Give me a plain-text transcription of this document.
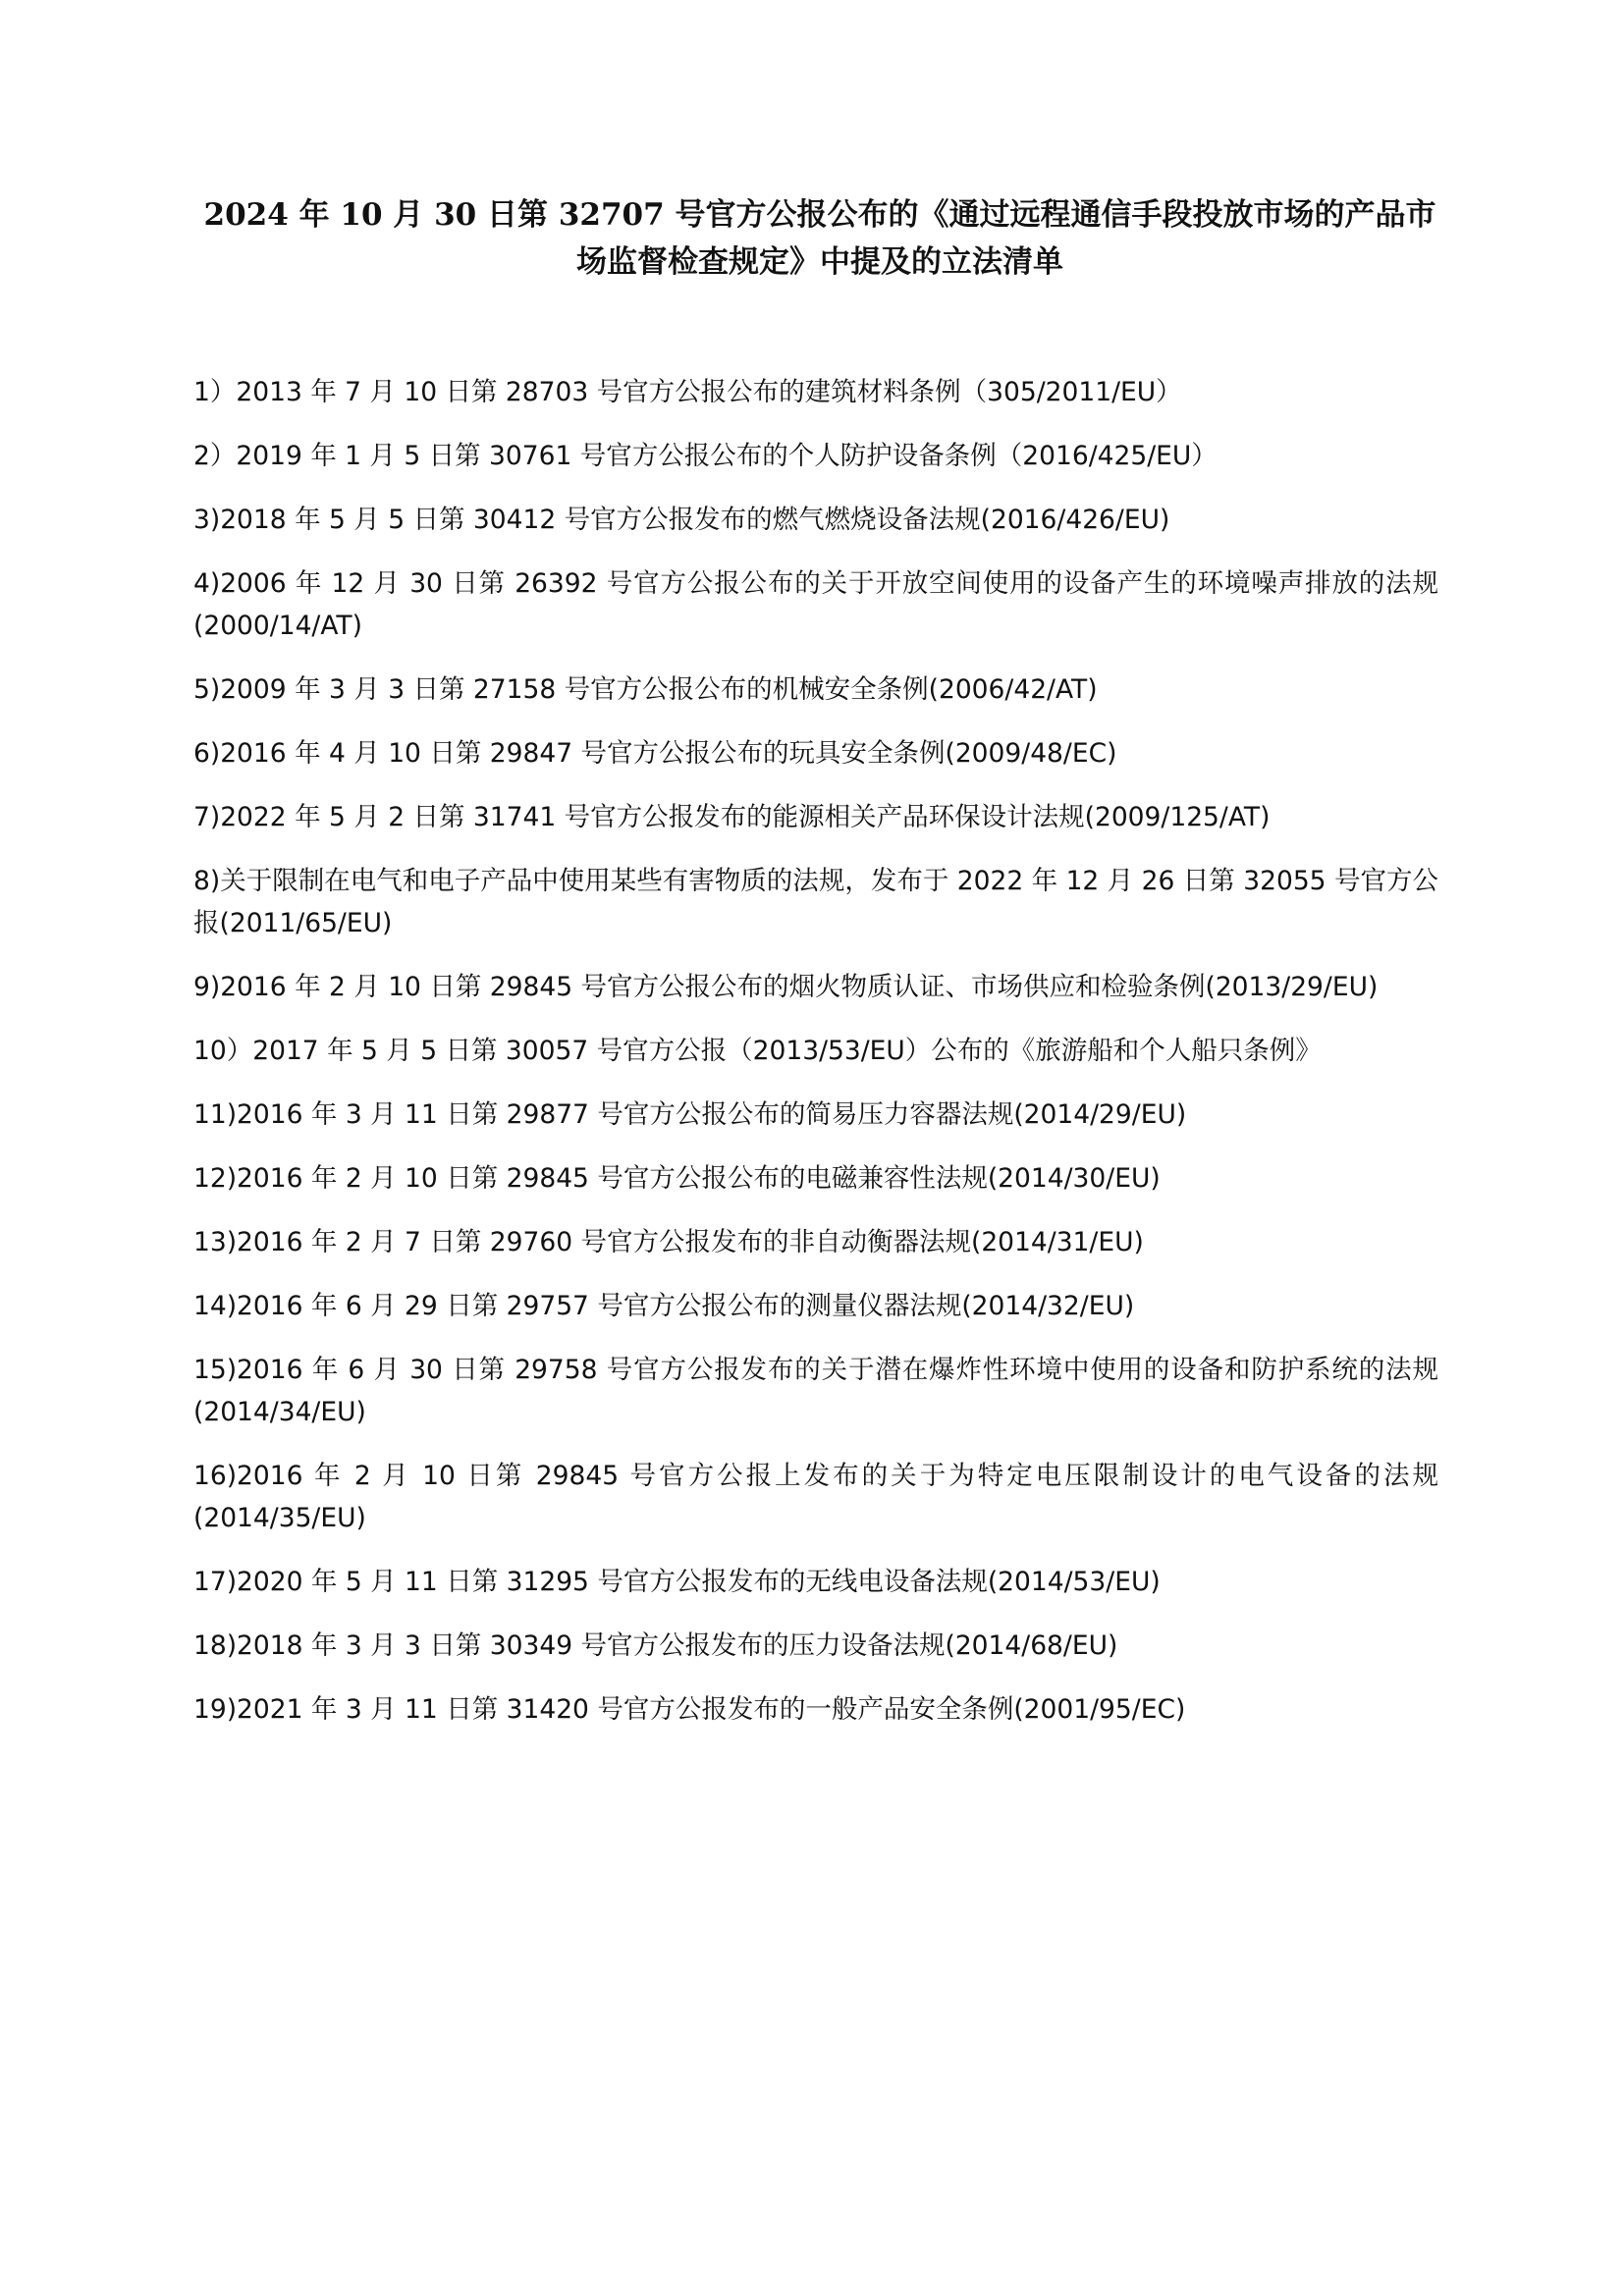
2024 年 10 月 30 日第 32707 号官方公报公布的《通过远程通信手段投放市场的产品市
场监督检查规定》中提及的立法清单
1）2013 年 7 月 10 日第 28703 号官方公报公布的建筑材料条例（305/2011/EU）
2）2019 年 1 月 5 日第 30761 号官方公报公布的个人防护设备条例（2016/425/EU）
3)2018 年 5 月 5 日第 30412 号官方公报发布的燃气燃烧设备法规(2016/426/EU)
4)2006 年 12 月 30 日第 26392 号官方公报公布的关于开放空间使用的设备产生的环境噪声排放的法规(2000/14/AT)
5)2009 年 3 月 3 日第 27158 号官方公报公布的机械安全条例(2006/42/AT)
6)2016 年 4 月 10 日第 29847 号官方公报公布的玩具安全条例(2009/48/EC)
7)2022 年 5 月 2 日第 31741 号官方公报发布的能源相关产品环保设计法规(2009/125/AT)
8)关于限制在电气和电子产品中使用某些有害物质的法规，发布于 2022 年 12 月 26 日第 32055 号官方公报(2011/65/EU)
9)2016 年 2 月 10 日第 29845 号官方公报公布的烟火物质认证、市场供应和检验条例(2013/29/EU)
10）2017 年 5 月 5 日第 30057 号官方公报（2013/53/EU）公布的《旅游船和个人船只条例》
11)2016 年 3 月 11 日第 29877 号官方公报公布的简易压力容器法规(2014/29/EU)
12)2016 年 2 月 10 日第 29845 号官方公报公布的电磁兼容性法规(2014/30/EU)
13)2016 年 2 月 7 日第 29760 号官方公报发布的非自动衡器法规(2014/31/EU)
14)2016 年 6 月 29 日第 29757 号官方公报公布的测量仪器法规(2014/32/EU)
15)2016 年 6 月 30 日第 29758 号官方公报发布的关于潜在爆炸性环境中使用的设备和防护系统的法规(2014/34/EU)
16)2016 年 2 月 10 日第 29845 号官方公报上发布的关于为特定电压限制设计的电气设备的法规(2014/35/EU)
17)2020 年 5 月 11 日第 31295 号官方公报发布的无线电设备法规(2014/53/EU)
18)2018 年 3 月 3 日第 30349 号官方公报发布的压力设备法规(2014/68/EU)
19)2021 年 3 月 11 日第 31420 号官方公报发布的一般产品安全条例(2001/95/EC)
